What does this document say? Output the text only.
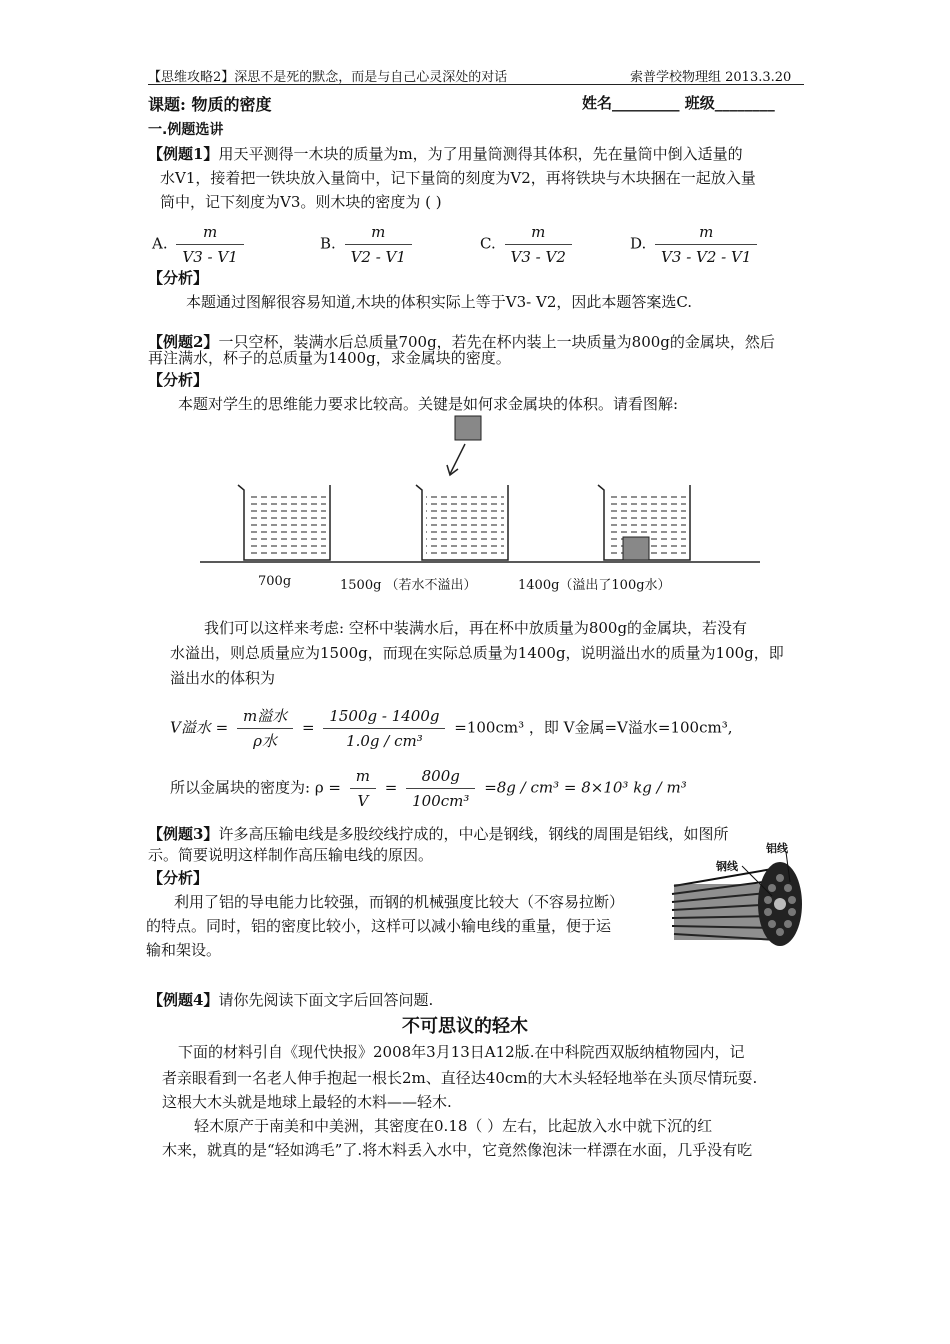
【思维攻略2】深思不是死的默念，而是与自己心灵深处的对话	索普学校物理组 2013.3.20
课题: 物质的密度	姓名_________ 班级________
一.例题选讲
【例题1】用天平测得一木块的质量为m，为了用量筒测得其体积，先在量筒中倒入适量的
水V1，接着把一铁块放入量筒中，记下量筒的刻度为V2，再将铁块与木块捆在一起放入量
筒中，记下刻度为V3。则木块的密度为 ( )
A. $\frac{m}{V3 - V1}$	B. $\frac{m}{V2 - V1}$	C. $\frac{m}{V3 - V2}$	D. $\frac{m}{V3 - V2 - V1}$
【分析】
本题通过图解很容易知道,木块的体积实际上等于V3- V2，因此本题答案选C.
【例题2】一只空杯，装满水后总质量700g，若先在杯内装上一块质量为800g的金属块，然后
再注满水，杯子的总质量为1400g，求金属块的密度。
【分析】
本题对学生的思维能力要求比较高。关键是如何求金属块的体积。请看图解:
700g	1500g （若水不溢出）	1400g（溢出了100g水）
我们可以这样来考虑: 空杯中装满水后，再在杯中放质量为800g的金属块，若没有
水溢出，则总质量应为1500g，而现在实际总质量为1400g，说明溢出水的质量为100g，即
溢出水的体积为
V溢水 = $\frac{\text{m溢水}}{\text{ρ水}} = \frac{1500g - 1400g}{\text{1.0g / cm³}} =100cm^3$ ，即 V金属=V溢水=100cm³,
所以金属块的密度为: $\rho = \frac{m}{V} = \frac{800g}{\text{100cm³}} =8g / cm^3 = 8\times 10^3$ kg / m³
【例题3】许多高压输电线是多股绞线拧成的，中心是钢线，钢线的周围是铝线，如图所
示。简要说明这样制作高压输电线的原因。
【分析】
利用了铝的导电能力比较强，而钢的机械强度比较大（不容易拉断）
的特点。同时，铝的密度比较小，这样可以减小输电线的重量，便于运
输和架设。
钢线
铝线
【例题4】请你先阅读下面文字后回答问题.
不可思议的轻木
下面的材料引自《现代快报》2008年3月13日A12版.在中科院西双版纳植物园内，记
者亲眼看到一名老人伸手抱起一根长2m、直径达40cm的大木头轻轻地举在头顶尽情玩耍.
这根大木头就是地球上最轻的木料——轻木.
轻木原产于南美和中美洲，其密度在0.18（ ）左右，比起放入水中就下沉的红
木来，就真的是“轻如鸿毛”了.将木料丢入水中，它竟然像泡沫一样漂在水面，几乎没有吃
